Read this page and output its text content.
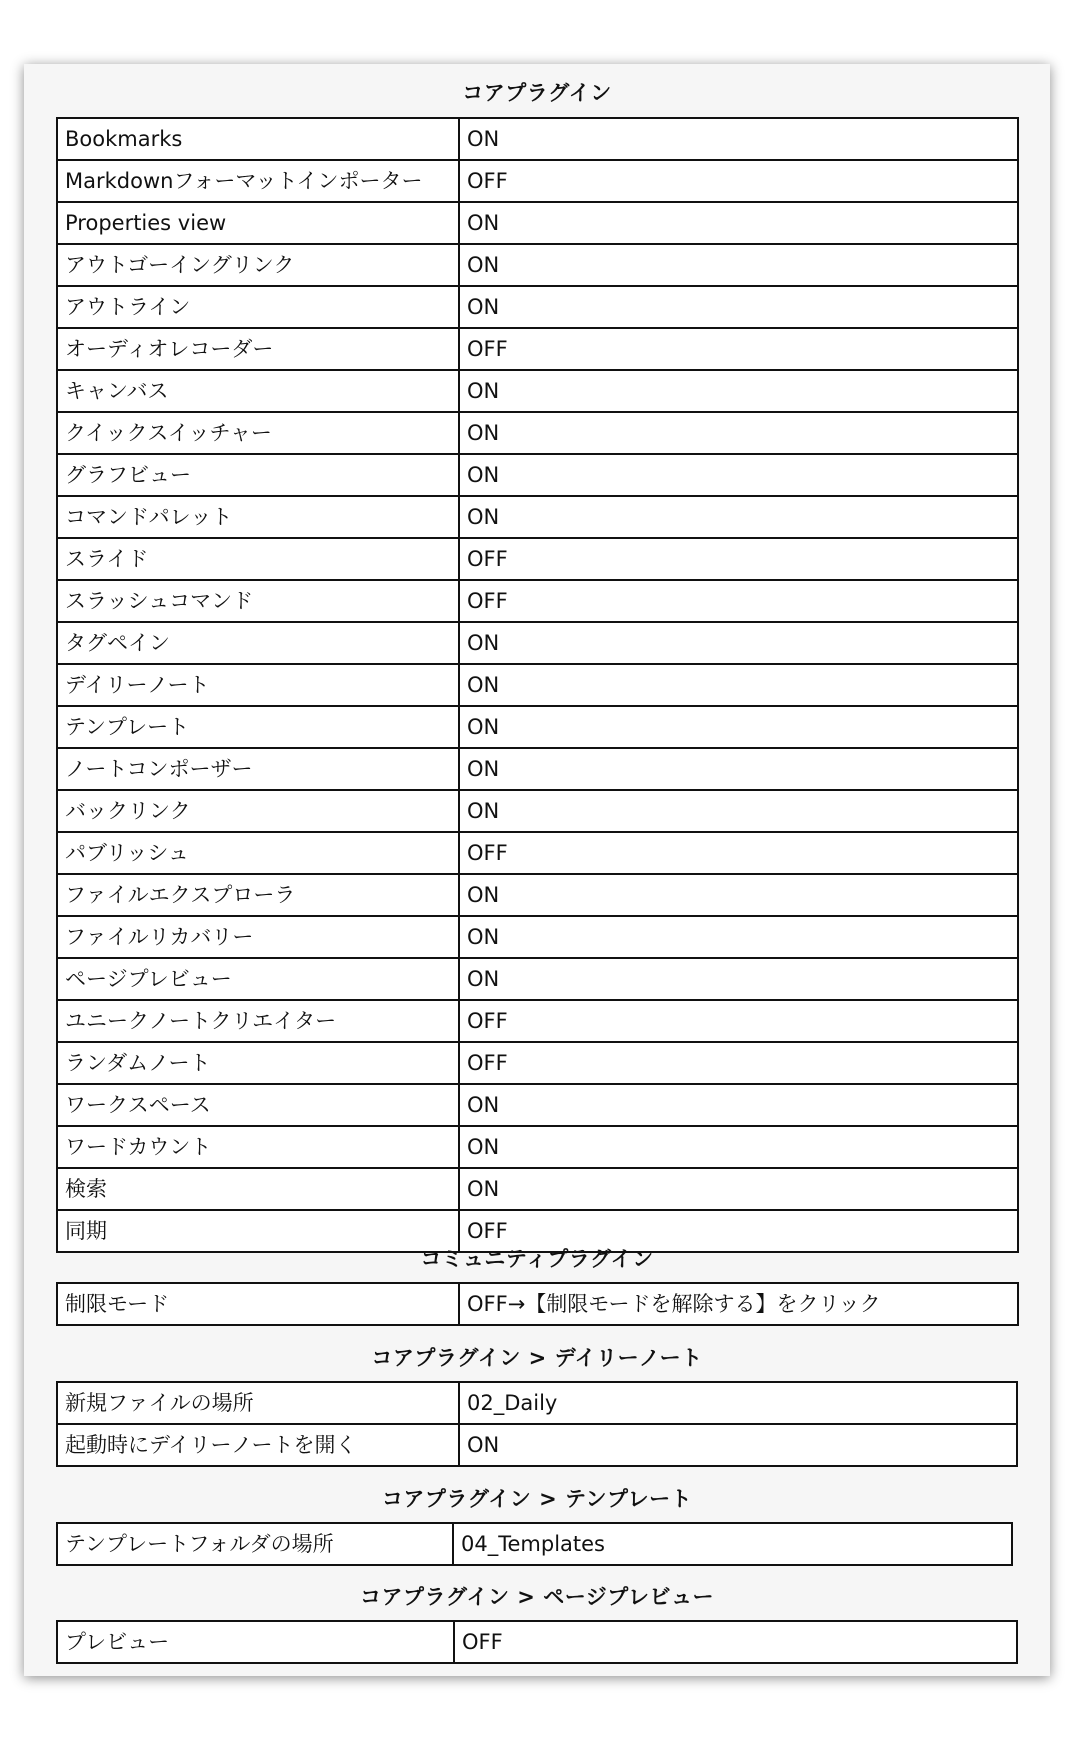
コアプラグイン
Bookmarks	ON
Markdownフォーマットインポーター	OFF
Properties view	ON
アウトゴーイングリンク	ON
アウトライン	ON
オーディオレコーダー	OFF
キャンバス	ON
クイックスイッチャー	ON
グラフビュー	ON
コマンドパレット	ON
スライド	OFF
スラッシュコマンド	OFF
タグペイン	ON
デイリーノート	ON
テンプレート	ON
ノートコンポーザー	ON
バックリンク	ON
パブリッシュ	OFF
ファイルエクスプローラ	ON
ファイルリカバリー	ON
ページプレビュー	ON
ユニークノートクリエイター	OFF
ランダムノート	OFF
ワークスペース	ON
ワードカウント	ON
検索	ON
同期	OFF
コミュニティプラグイン
制限モード	OFF→【制限モードを解除する】をクリック
コアプラグイン > デイリーノート
新規ファイルの場所	02_Daily
起動時にデイリーノートを開く	ON
コアプラグイン > テンプレート
テンプレートフォルダの場所	04_Templates
コアプラグイン > ページプレビュー
プレビュー	OFF
